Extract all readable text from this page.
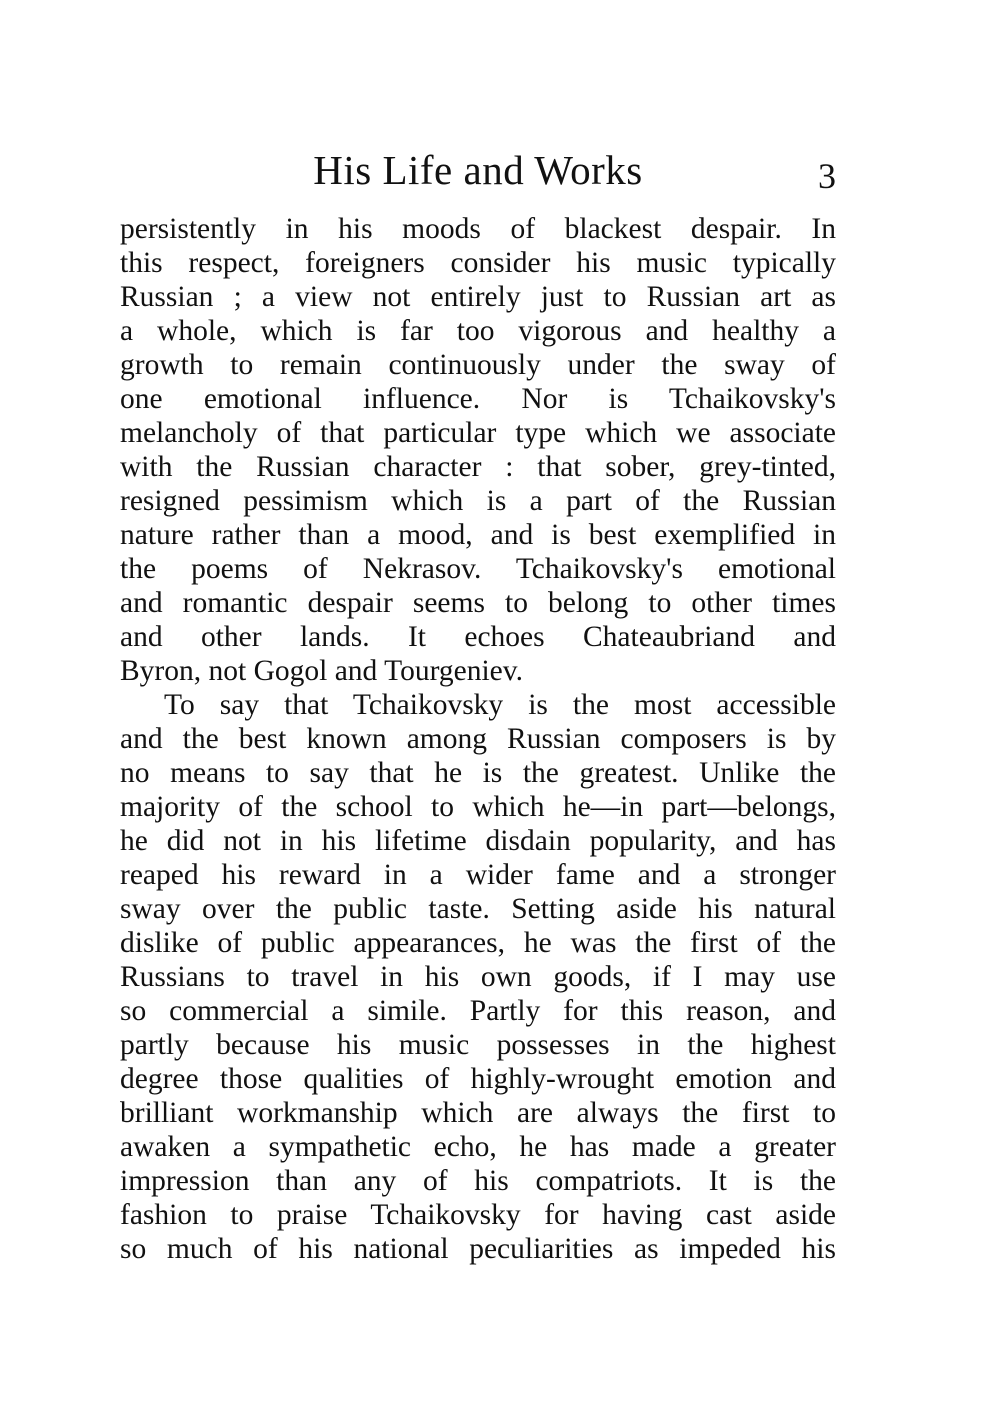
His Life and Works	3
persistently in his moods of blackest despair. In
this respect, foreigners consider his music typically
Russian ; a view not entirely just to Russian art as
a whole, which is far too vigorous and healthy a
growth to remain continuously under the sway of
one emotional influence. Nor is Tchaikovsky's
melancholy of that particular type which we associate
with the Russian character : that sober, grey-tinted,
resigned pessimism which is a part of the Russian
nature rather than a mood, and is best exemplified in
the poems of Nekrasov. Tchaikovsky's emotional
and romantic despair seems to belong to other times
and other lands. It echoes Chateaubriand and
Byron, not Gogol and Tourgeniev.
To say that Tchaikovsky is the most accessible
and the best known among Russian composers is by
no means to say that he is the greatest. Unlike the
majority of the school to which he—in part—belongs,
he did not in his lifetime disdain popularity, and has
reaped his reward in a wider fame and a stronger
sway over the public taste. Setting aside his natural
dislike of public appearances, he was the first of the
Russians to travel in his own goods, if I may use
so commercial a simile. Partly for this reason, and
partly because his music possesses in the highest
degree those qualities of highly-wrought emotion and
brilliant workmanship which are always the first to
awaken a sympathetic echo, he has made a greater
impression than any of his compatriots. It is the
fashion to praise Tchaikovsky for having cast aside
so much of his national peculiarities as impeded his
